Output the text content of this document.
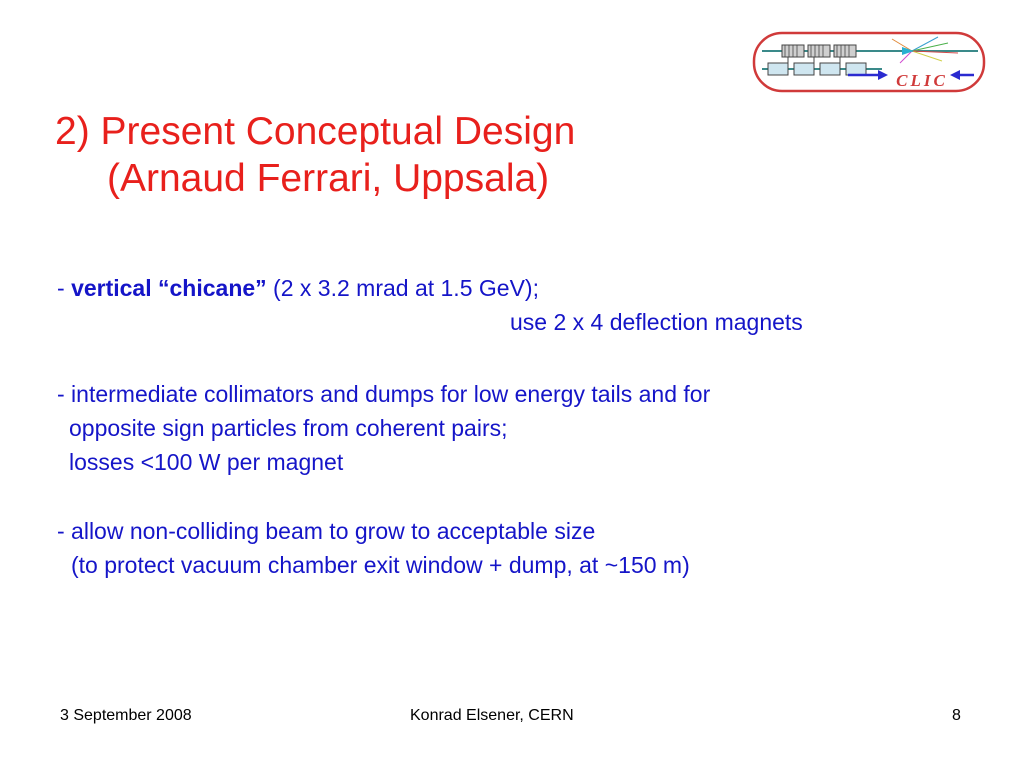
CLIC
2) Present Conceptual Design
(Arnaud Ferrari, Uppsala)
- vertical “chicane” (2 x 3.2 mrad at 1.5 GeV);
use 2 x 4 deflection magnets
- intermediate collimators and dumps for low energy tails and for
opposite sign particles from coherent pairs;
losses <100 W per magnet
- allow non-colliding beam to grow to acceptable size
(to protect vacuum chamber exit window + dump, at ~150 m)
3 September 2008	Konrad Elsener, CERN	8
